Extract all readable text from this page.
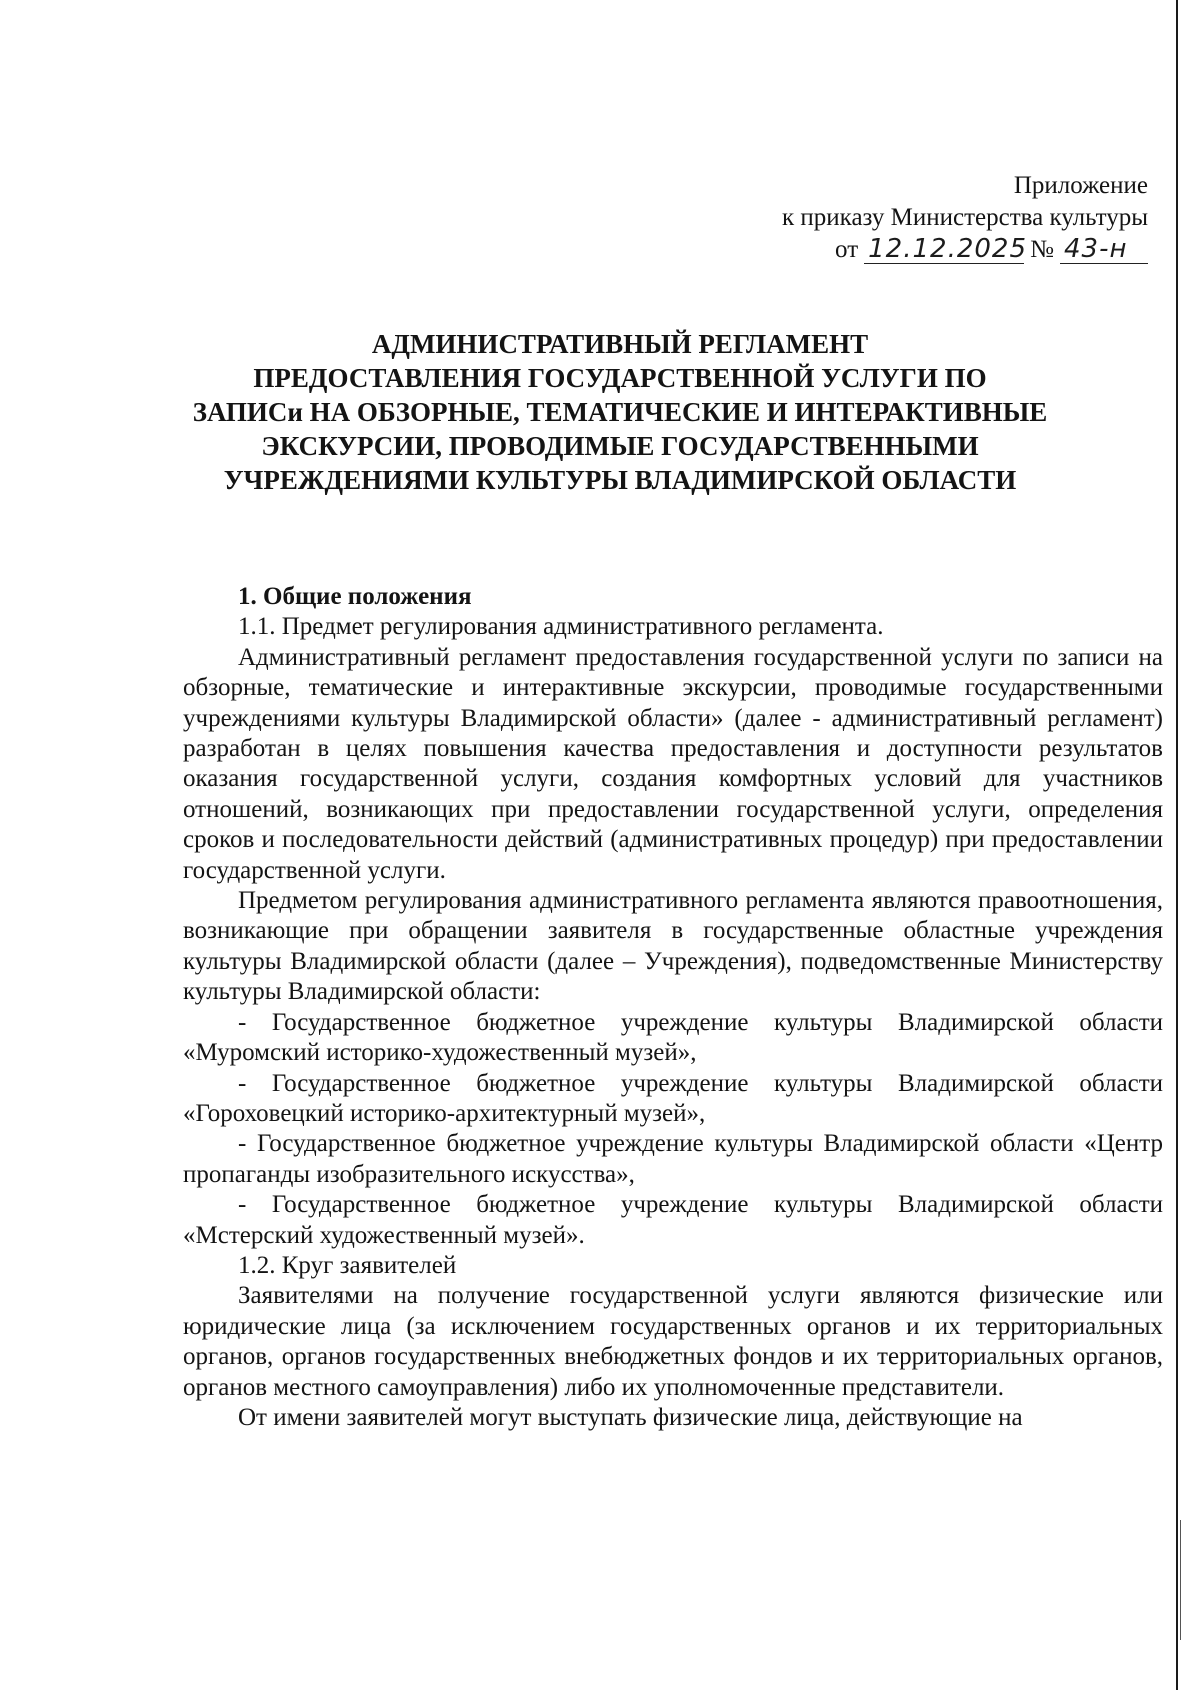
Приложение
к приказу Министерства культуры
от 12.12.2025 № 43-н
АДМИНИСТРАТИВНЫЙ РЕГЛАМЕНТ
ПРЕДОСТАВЛЕНИЯ ГОСУДАРСТВЕННОЙ УСЛУГИ ПО
ЗАПИСи НА ОБЗОРНЫЕ, ТЕМАТИЧЕСКИЕ И ИНТЕРАКТИВНЫЕ
ЭКСКУРСИИ, ПРОВОДИМЫЕ ГОСУДАРСТВЕННЫМИ
УЧРЕЖДЕНИЯМИ КУЛЬТУРЫ ВЛАДИМИРСКОЙ ОБЛАСТИ

1. Общие положения

1.1. Предмет регулирования административного регламента.

Административный регламент предоставления государственной услуги по записи на обзорные, тематические и интерактивные экскурсии, проводимые государственными учреждениями культуры Владимирской области» (далее - административный регламент) разработан в целях повышения качества предоставления и доступности результатов оказания государственной услуги, создания комфортных условий для участников отношений, возникающих при предоставлении государственной услуги, определения сроков и последовательности действий (административных процедур) при предоставлении государственной услуги.

Предметом регулирования административного регламента являются правоотношения, возникающие при обращении заявителя в государственные областные учреждения культуры Владимирской области (далее – Учреждения), подведомственные Министерству культуры Владимирской области:

- Государственное бюджетное учреждение культуры Владимирской области «Муромский историко-художественный музей»,

- Государственное бюджетное учреждение культуры Владимирской области «Гороховецкий историко-архитектурный музей»,

- Государственное бюджетное учреждение культуры Владимирской области «Центр пропаганды изобразительного искусства»,

- Государственное бюджетное учреждение культуры Владимирской области «Мстерский художественный музей».

1.2. Круг заявителей

Заявителями на получение государственной услуги являются физические или юридические лица (за исключением государственных органов и их территориальных органов, органов государственных внебюджетных фондов и их территориальных органов, органов местного самоуправления) либо их уполномоченные представители.

От имени заявителей могут выступать физические лица, действующие на
